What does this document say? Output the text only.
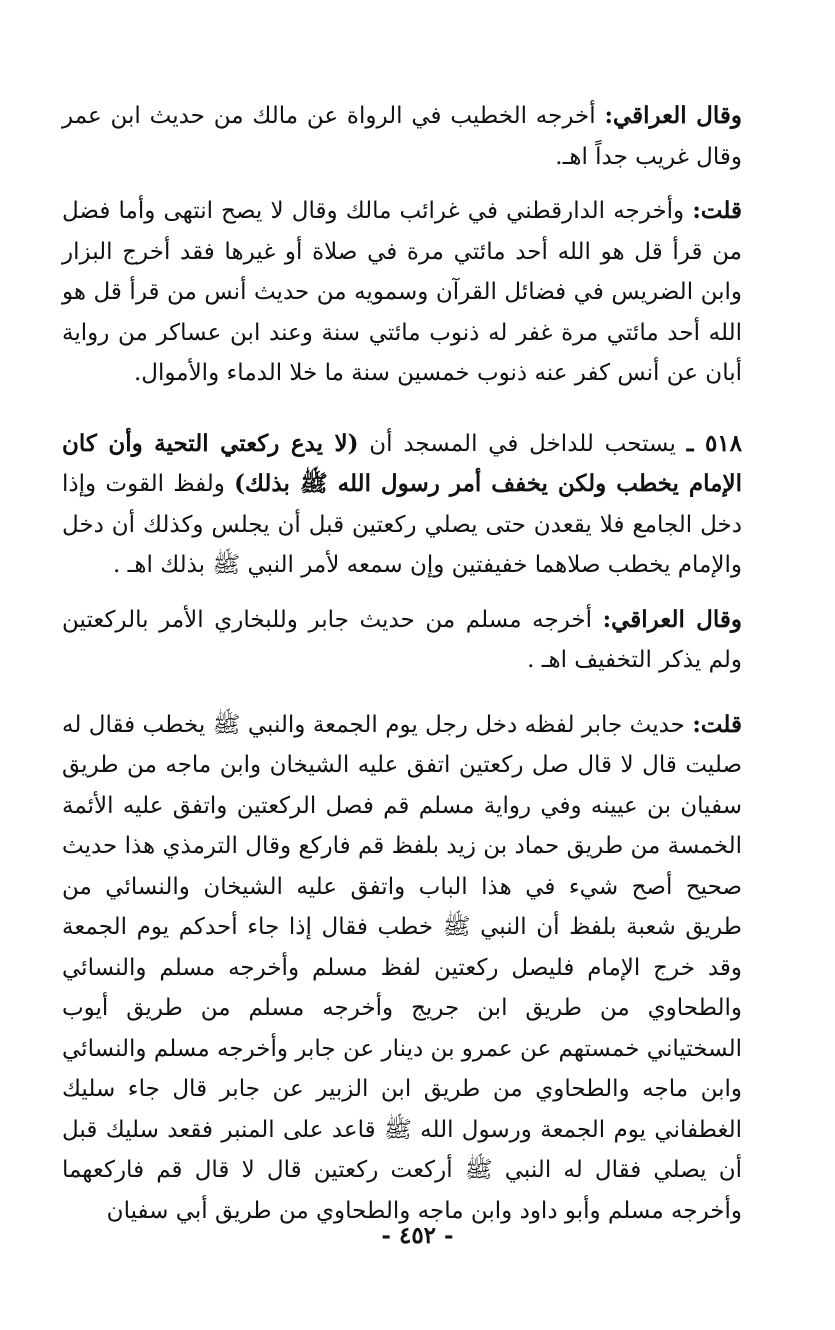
وقال العراقي: أخرجه الخطيب في الرواة عن مالك من حديث ابن عمر وقال غريب جداً اهـ.

قلت: وأخرجه الدارقطني في غرائب مالك وقال لا يصح انتهى وأما فضل من قرأ قل هو الله أحد مائتي مرة في صلاة أو غيرها فقد أخرج البزار وابن الضريس في فضائل القرآن وسمويه من حديث أنس من قرأ قل هو الله أحد مائتي مرة غفر له ذنوب مائتي سنة وعند ابن عساكر من رواية أبان عن أنس كفر عنه ذنوب خمسين سنة ما خلا الدماء والأموال.

٥١٨ ـ يستحب للداخل في المسجد أن (لا يدع ركعتي التحية وأن كان الإمام يخطب ولكن يخفف أمر رسول الله ﷺ بذلك) ولفظ القوت وإذا دخل الجامع فلا يقعدن حتى يصلي ركعتين قبل أن يجلس وكذلك أن دخل والإمام يخطب صلاهما خفيفتين وإن سمعه لأمر النبي ﷺ بذلك اهـ .

وقال العراقي: أخرجه مسلم من حديث جابر وللبخاري الأمر بالركعتين ولم يذكر التخفيف اهـ .

قلت: حديث جابر لفظه دخل رجل يوم الجمعة والنبي ﷺ يخطب فقال له صليت قال لا قال صل ركعتين اتفق عليه الشيخان وابن ماجه من طريق سفيان بن عيينه وفي رواية مسلم قم فصل الركعتين واتفق عليه الأئمة الخمسة من طريق حماد بن زيد بلفظ قم فاركع وقال الترمذي هذا حديث صحيح أصح شيء في هذا الباب واتفق عليه الشيخان والنسائي من طريق شعبة بلفظ أن النبي ﷺ خطب فقال إذا جاء أحدكم يوم الجمعة وقد خرج الإمام فليصل ركعتين لفظ مسلم وأخرجه مسلم والنسائي والطحاوي من طريق ابن جريج وأخرجه مسلم من طريق أيوب السختياني خمستهم عن عمرو بن دينار عن جابر وأخرجه مسلم والنسائي وابن ماجه والطحاوي من طريق ابن الزبير عن جابر قال جاء سليك الغطفاني يوم الجمعة ورسول الله ﷺ قاعد على المنبر فقعد سليك قبل أن يصلي فقال له النبي ﷺ أركعت ركعتين قال لا قال قم فاركعهما وأخرجه مسلم وأبو داود وابن ماجه والطحاوي من طريق أبي سفيان

- ٤٥٢ -
